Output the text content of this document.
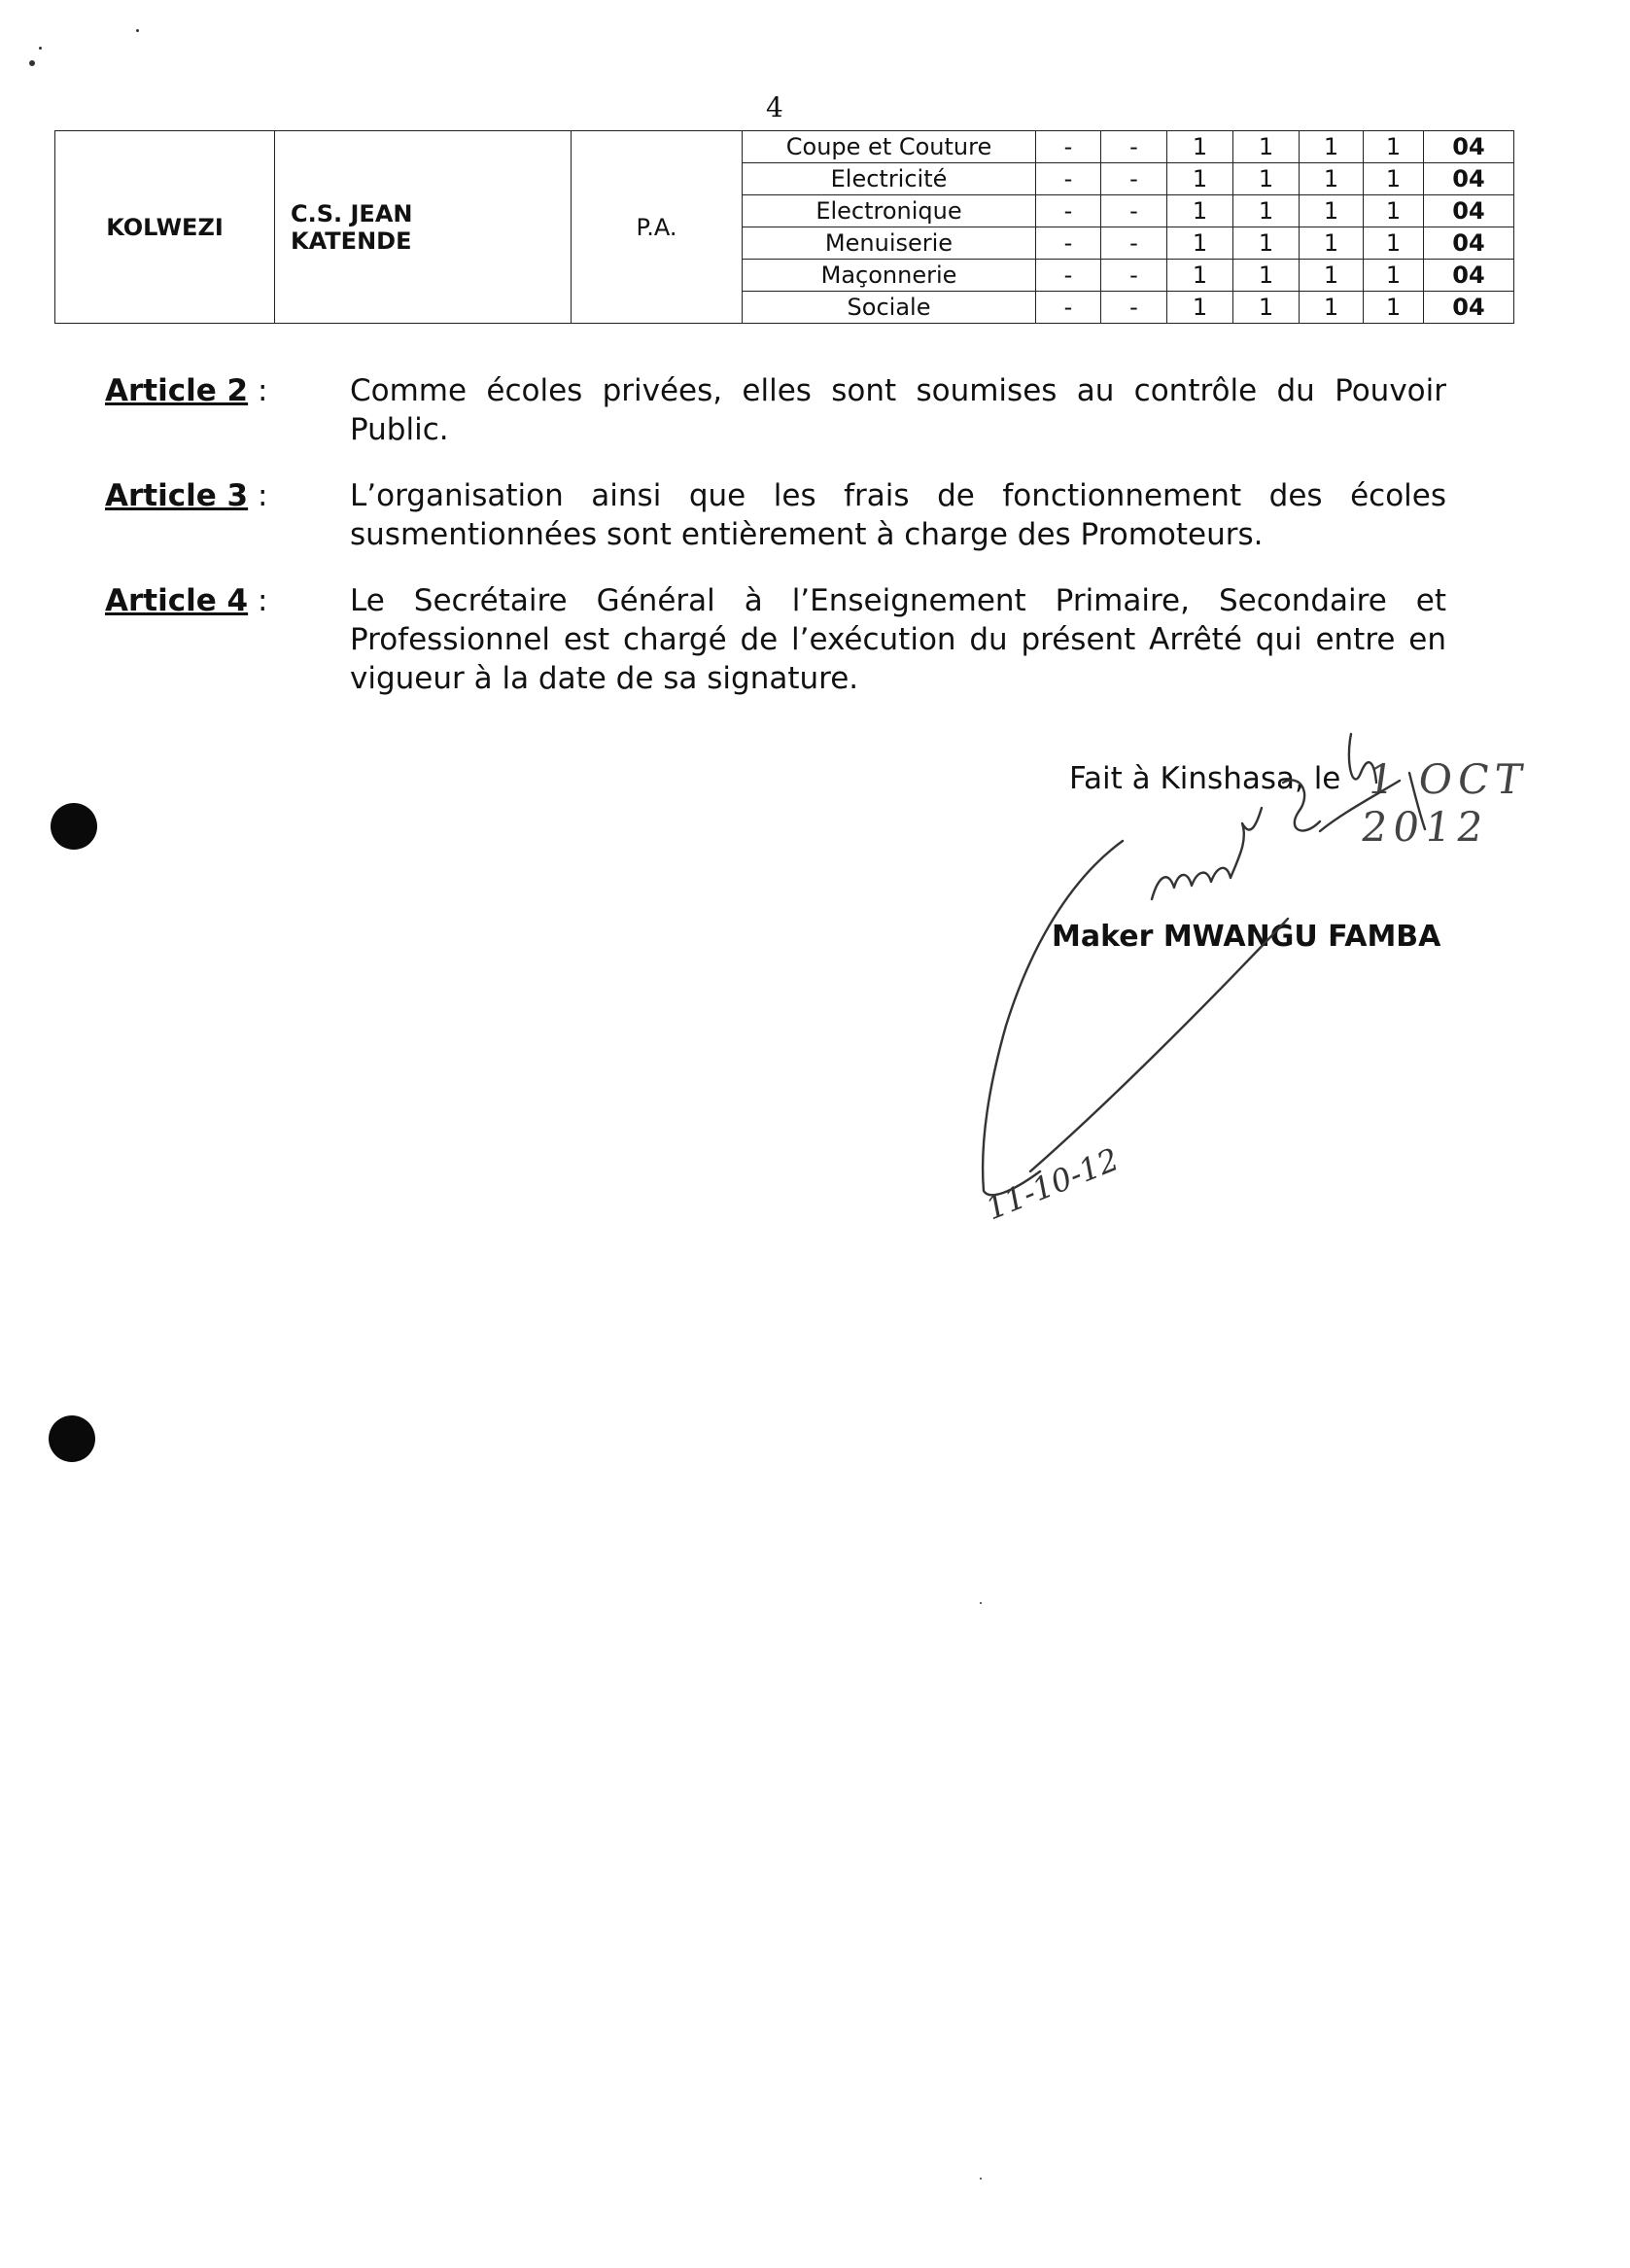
4
KOLWEZI	C.S. JEAN KATENDE	P.A.	Coupe et Couture	-	-	1	1	1	1	04
			Electricité	-	-	1	1	1	1	04
			Electronique	-	-	1	1	1	1	04
			Menuiserie	-	-	1	1	1	1	04
			Maçonnerie	-	-	1	1	1	1	04
			Sociale	-	-	1	1	1	1	04
Article 2 :	Comme écoles privées, elles sont soumises au contrôle du Pouvoir Public.
Article 3 :	L’organisation ainsi que les frais de fonctionnement des écoles susmentionnées sont entièrement à charge des Promoteurs.
Article 4 :	Le Secrétaire Général à l’Enseignement Primaire, Secondaire et Professionnel est chargé de l’exécution du présent Arrêté qui entre en vigueur à la date de sa signature.
Fait à Kinshasa, le 1 OCT 2012
Maker MWANGU FAMBA
11-10-12
